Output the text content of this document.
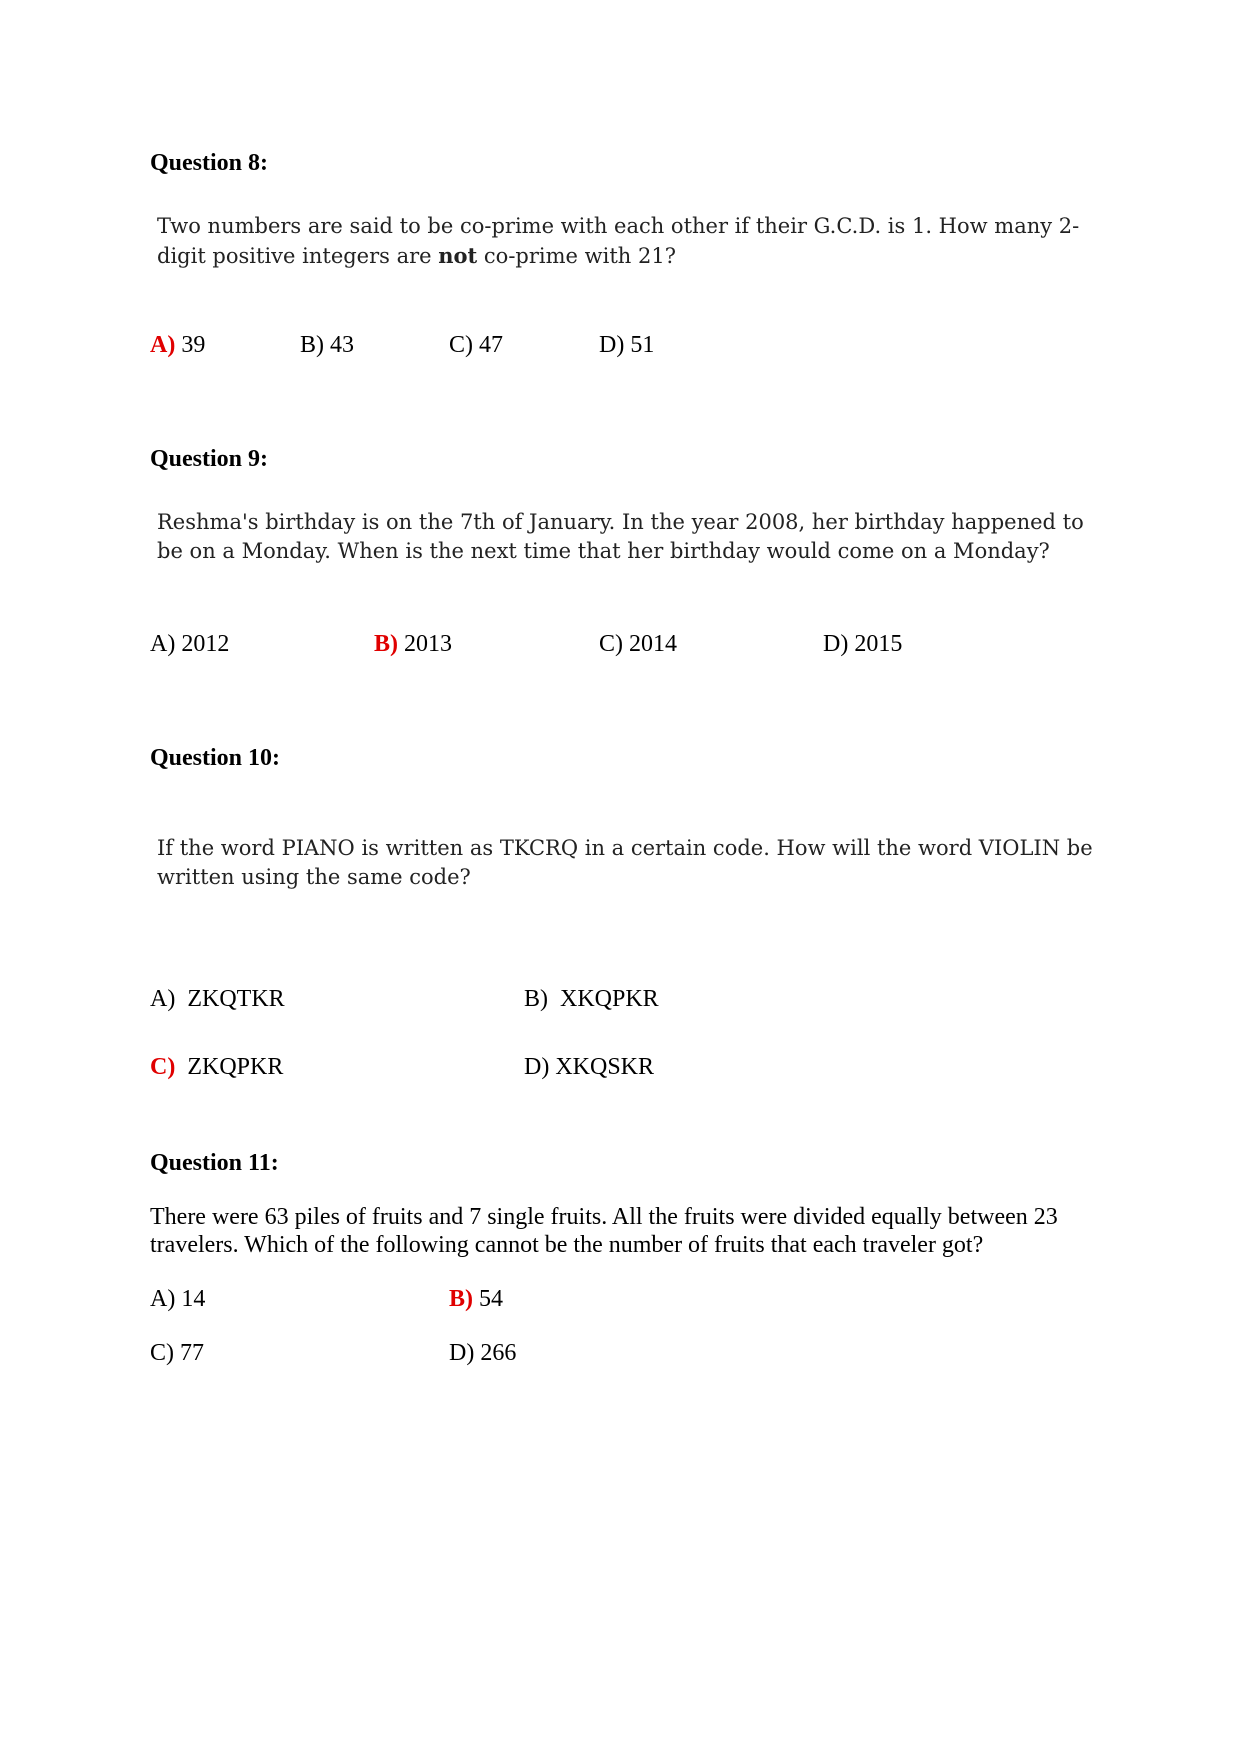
Question 8:
Two numbers are said to be co-prime with each other if their G.C.D. is 1. How many 2-digit positive integers are not co-prime with 21?
A) 39	B) 43	C) 47	D) 51
Question 9:
Reshma's birthday is on the 7th of January. In the year 2008, her birthday happened to be on a Monday. When is the next time that her birthday would come on a Monday?
A) 2012	B) 2013	C) 2014	D) 2015
Question 10:
If the word PIANO is written as TKCRQ in a certain code. How will the word VIOLIN be written using the same code?
A)  ZKQTKR	B)  XKQPKR
C)  ZKQPKR	D) XKQSKR
Question 11:
There were 63 piles of fruits and 7 single fruits. All the fruits were divided equally between 23 travelers. Which of the following cannot be the number of fruits that each traveler got?
A) 14	B) 54
C) 77	D) 266
